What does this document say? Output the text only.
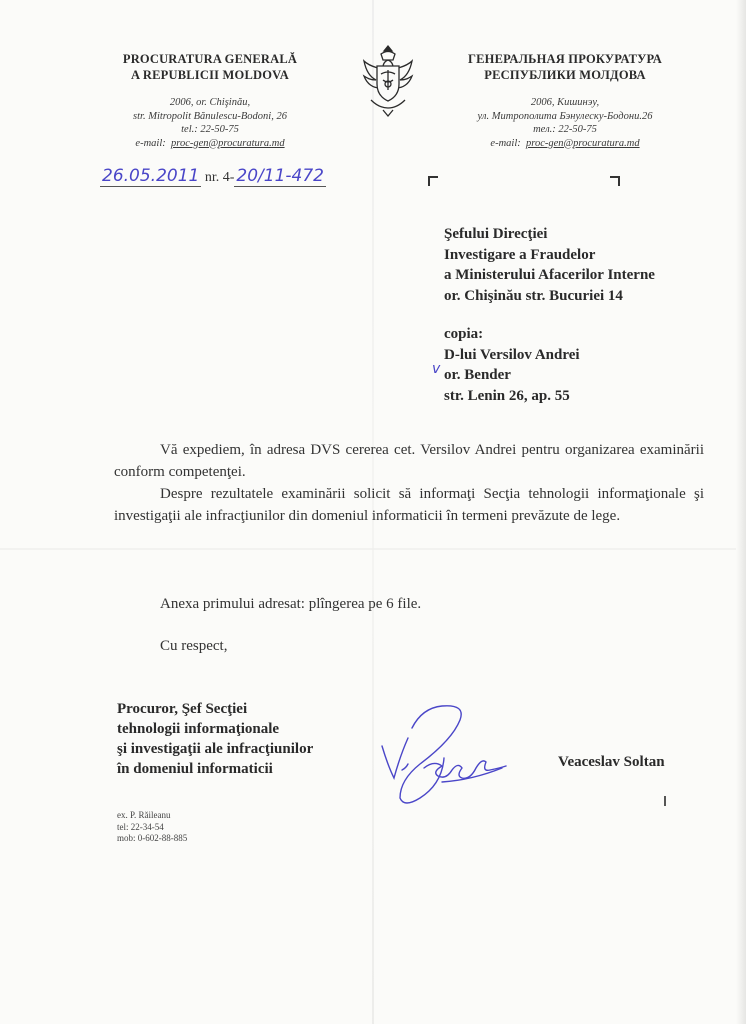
PROCURATURA GENERALĂ
A REPUBLICII MOLDOVA
2006, or. Chişinău,
str. Mitropolit Bănulescu-Bodoni, 26
tel.: 22-50-75
e-mail: proc-gen@procuratura.md
ГЕНЕРАЛЬНАЯ ПРОКУРАТУРА
РЕСПУБЛИКИ МОЛДОВА
2006, Кишинэу,
ул. Митрополита Бэнулеску-Бодони.26
тел.: 22-50-75
e-mail: proc-gen@procuratura.md
26.05.2011 nr. 4- 20/11-472
Şefului Direcţiei
Investigare a Fraudelor
a Ministerului Afacerilor Interne
or. Chişinău str. Bucuriei 14
copia:
D-lui Versilov Andrei
or. Bender
str. Lenin 26, ap. 55
v

Vă expediem, în adresa DVS cererea cet. Versilov Andrei pentru organizarea examinării conform competenţei.

Despre rezultatele examinării solicit să informaţi Secţia tehnologii informaţionale şi investigaţii ale infracţiunilor din domeniul informaticii în termeni prevăzute de lege.

Anexa primului adresat: plîngerea pe 6 file.
Cu respect,
Procuror, Şef Secţiei
tehnologii informaţionale
şi investigaţii ale infracţiunilor
în domeniul informaticii	Veaceslav Soltan
ex. P. Răileanu
tel: 22-34-54
mob: 0-602-88-885
